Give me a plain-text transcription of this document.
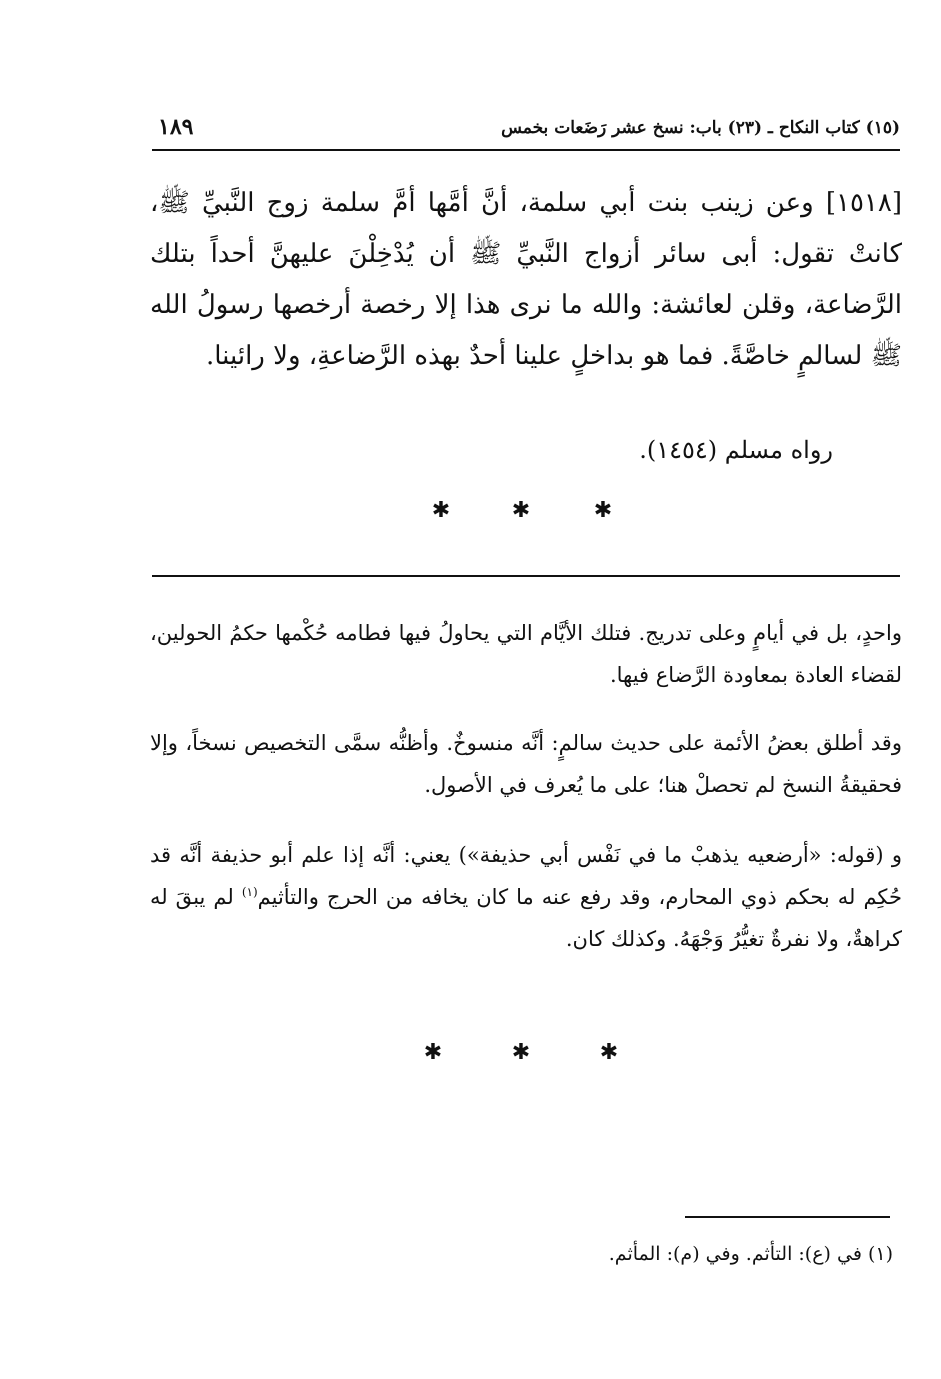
(١٥) كتاب النكاح ـ (٢٣) باب: نسخ عشر رَضَعات بخمس
١٨٩

[١٥١٨] وعن زينب بنت أبي سلمة، أنَّ أمَّها أمَّ سلمة زوج النَّبيِّ ﷺ، كانتْ تقول: أبى سائر أزواج النَّبيِّ ﷺ أن يُدْخِلْنَ عليهنَّ أحداً بتلك الرَّضاعة، وقلن لعائشة: والله ما نرى هذا إلا رخصة أرخصها رسولُ الله ﷺ لسالمٍ خاصَّةً. فما هو بداخلٍ علينا أحدٌ بهذه الرَّضاعةِ، ولا رائينا.

رواه مسلم (١٤٥٤).

✱	✱	✱

واحدٍ، بل في أيامٍ وعلى تدريج. فتلك الأيَّام التي يحاولُ فيها فطامه حُكْمها حكمُ الحولين، لقضاء العادة بمعاودة الرَّضاع فيها.

وقد أطلق بعضُ الأئمة على حديث سالمٍ: أنَّه منسوخٌ. وأظنُّه سمَّى التخصيص نسخاً، وإلا فحقيقةُ النسخ لم تحصلْ هنا؛ على ما يُعرف في الأصول.

و (قوله: «أرضعيه يذهبْ ما في نَفْس أبي حذيفة») يعني: أنَّه إذا علم أبو حذيفة أنَّه قد حُكِم له بحكم ذوي المحارم، وقد رفع عنه ما كان يخافه من الحرج والتأثيم$^{(١)}$ لم يبقَ له كراهةٌ، ولا نفرةٌ تغيُّرُ وَجْهَهُ. وكذلك كان.

✱	✱	✱

(١) في (ع): التأثم. وفي (م): المأثم.
